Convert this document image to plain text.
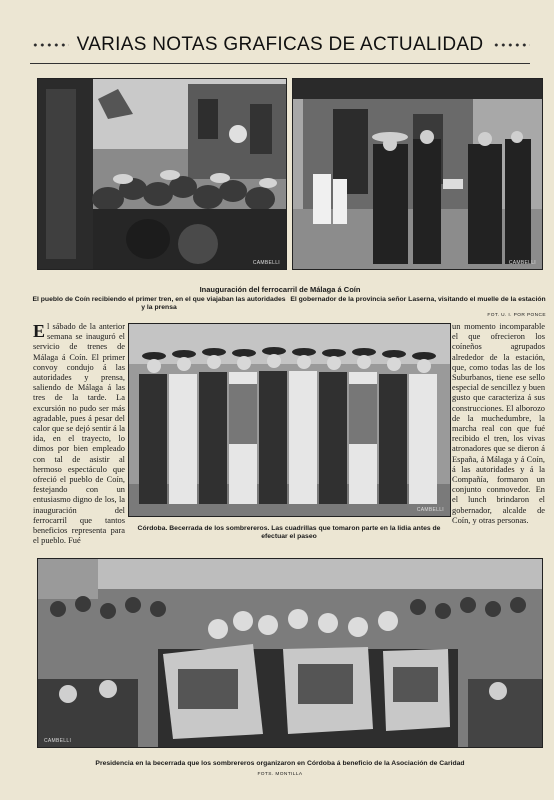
VARIAS NOTAS GRAFICAS DE ACTUALIDAD
CAMBELLI	CAMBELLI
Inauguración del ferrocarril de Málaga á Coín
El pueblo de Coín recibiendo el primer tren, en el que viajaban las autoridades y la prensa
El gobernador de la provincia señor Laserna, visitando el muelle de la estación
FOT. U. I. POR PONCE
El sábado de la anterior semana se inauguró el servicio de trenes de Málaga á Coín. El primer convoy condujo á las autoridades y prensa, saliendo de Málaga á las tres de la tarde. La excursión no pudo ser más agradable, pues á pesar del calor que se dejó sentir á la ida, en el trayecto, lo dimos por bien empleado con tal de asistir al hermoso espectáculo que ofreció el pueblo de Coín, festejando con un entusiasmo digno de los, la inauguración del ferrocarril que tantos beneficios representa para el pueblo. Fué
CAMBELLI
Córdoba. Becerrada de los sombrereros. Las cuadrillas que tomaron parte en la lidia antes de efectuar el paseo
un momento incomparable el que ofrecieron los coíneños agrupados alrededor de la estación, que, como todas las de los Suburbanos, tiene ese sello especial de sencillez y buen gusto que caracteriza á sus construcciones. El alborozo de la muchedumbre, la marcha real con que fué recibido el tren, los vivas atronadores que se dieron á España, á Málaga y á Coín, á las autoridades y á la Compañía, formaron un conjunto conmovedor. En el lunch brindaron el gobernador, alcalde de Coín, y otras personas.
CAMBELLI
Presidencia en la becerrada que los sombrereros organizaron en Córdoba á beneficio de la Asociación de Caridad
FOTS. MONTILLA
